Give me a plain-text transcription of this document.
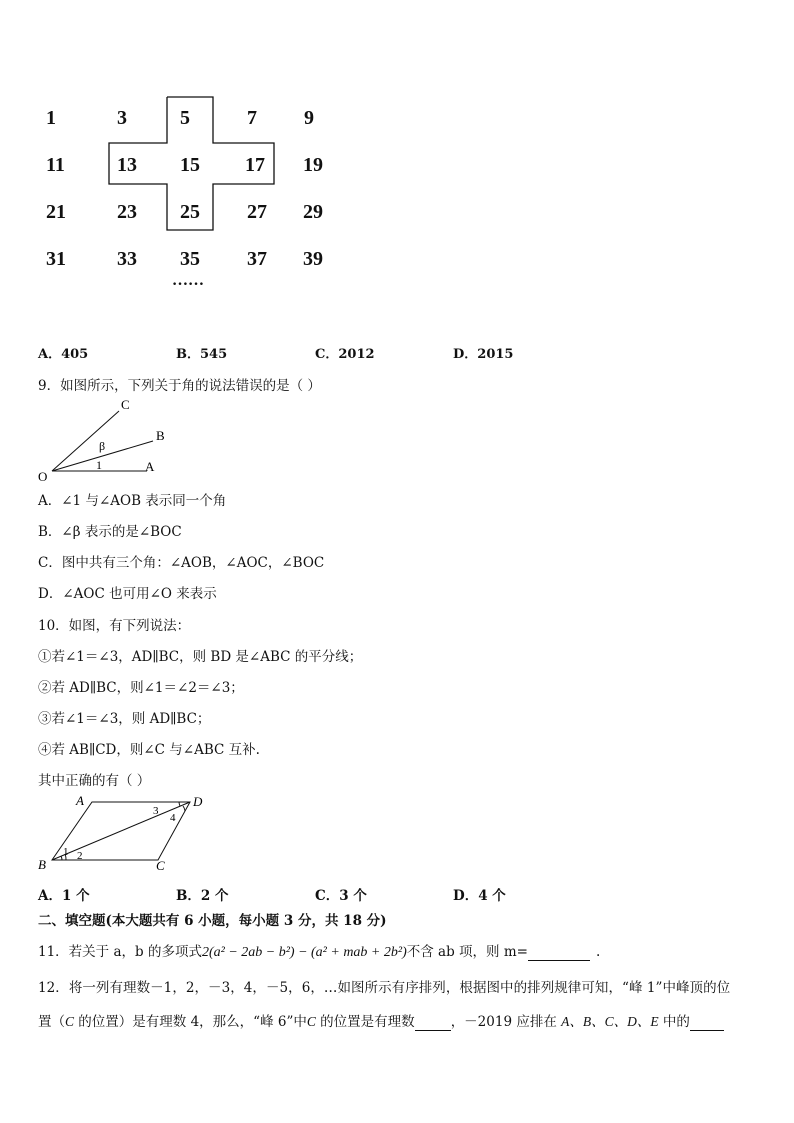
1	3	5	7 9
11	13 15 17 19
21	23 25 27 29
31	33 35 37 39
……
A．405	B．545	C．2012	D．2015
9．如图所示，下列关于角的说法错误的是（ ）
C
B
β
O
1	A
A．∠1 与∠AOB 表示同一个角
B．∠β 表示的是∠BOC
C．图中共有三个角：∠AOB，∠AOC，∠BOC
D．∠AOC 也可用∠O 来表示
10．如图，有下列说法：
①若∠1＝∠3，AD∥BC，则 BD 是∠ABC 的平分线；
②若 AD∥BC，则∠1＝∠2＝∠3；
③若∠1＝∠3，则 AD∥BC；
④若 AB∥CD，则∠C 与∠ABC 互补.
其中正确的有（ ）
A	D
B	C
1 2
3
4
A．1 个	B．2 个	C．3 个	D．4 个
二、填空题(本大题共有 6 小题，每小题 3 分，共 18 分)
11．若关于 a，b 的多项式2(a² − 2ab − b²) − (a² + mab + 2b²)不含 ab 项，则 m=	.
12．将一列有理数－1，2，－3，4，－5，6，…如图所示有序排列，根据图中的排列规律可知，“峰 1”中峰顶的位
置（C 的位置）是有理数 4，那么，“峰 6”中C 的位置是有理数	，－2019 应排在 A、B、C、D、E 中的
